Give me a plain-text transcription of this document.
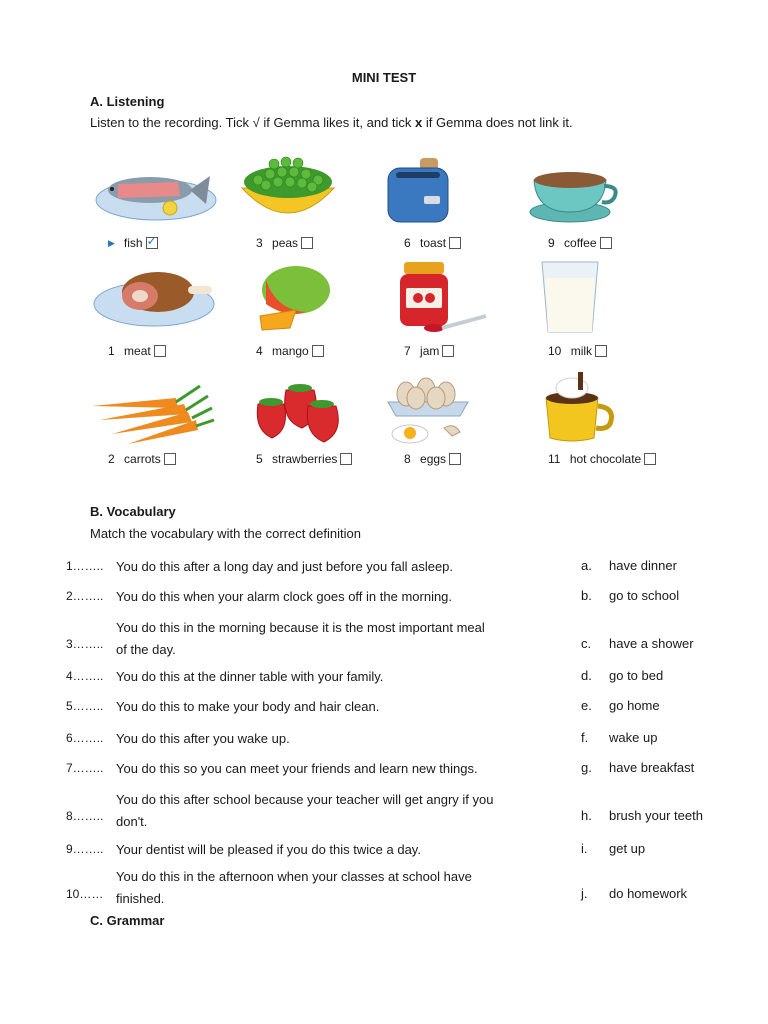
MINI TEST
A. Listening
Listen to the recording. Tick √ if Gemma likes it, and tick x if Gemma does not link it.
▶ fish ✓	3
peas	6
toast	9
coffee
1
meat	4
mango	7
jam	10
milk
2
carrots	5
strawberries	8
eggs	11
hot chocolate
B. Vocabulary
Match the vocabulary with the correct definition
1…….. You do this after a long day and just before you fall asleep.	a. have dinner
2…….. You do this when your alarm clock goes off in the morning.	b. go to school
3……..
You do this in the morning because it is the most important meal of the day.	c. have a shower
4…….. You do this at the dinner table with your family.	d. go to bed
5…….. You do this to make your body and hair clean.	e. go home
6…….. You do this after you wake up.	f. wake up
7…….. You do this so you can meet your friends and learn new things.	g. have breakfast
8……..
You do this after school because your teacher will get angry if you don't.	h. brush your teeth
9…….. Your dentist will be pleased if you do this twice a day.	i. get up
10……
You do this in the afternoon when your classes at school have finished.	j. do homework
C. Grammar
